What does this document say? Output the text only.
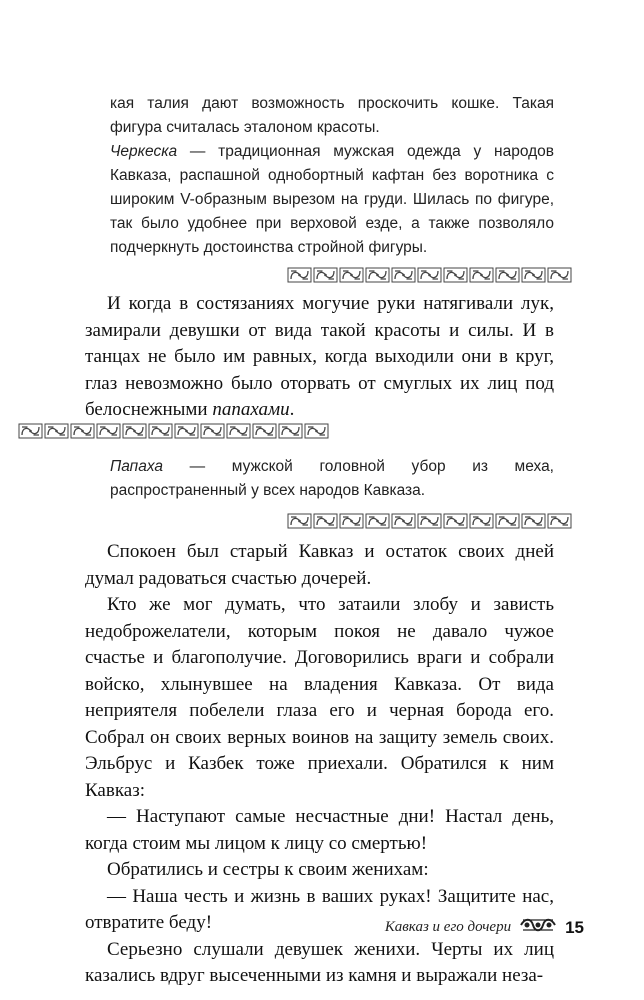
кая талия дают возможность проскочить кошке. Такая фигура считалась эталоном красоты.

Черкеска — традиционная мужская одежда у народов Кавказа, распашной однобортный кафтан без воротника с широким V-образным вырезом на груди. Шилась по фигуре, так было удобнее при верховой езде, а также позволяло подчеркнуть достоинства стройной фигуры.

И когда в состязаниях могучие руки натягивали лук, замирали девушки от вида такой красоты и силы. И в танцах не было им равных, когда выходили они в круг, глаз невозможно было оторвать от смуглых их лиц под белоснежными папахами.

Папаха — мужской головной убор из меха, распространенный у всех народов Кавказа.

Спокоен был старый Кавказ и остаток своих дней думал радоваться счастью дочерей.

Кто же мог думать, что затаили злобу и зависть недоброжелатели, которым покоя не давало чужое счастье и благополучие. Договорились враги и собрали войско, хлынувшее на владения Кавказа. От вида неприятеля побелели глаза его и черная борода его. Собрал он своих верных воинов на защиту земель своих. Эльбрус и Казбек тоже приехали. Обратился к ним Кавказ:

— Наступают самые несчастные дни! Настал день, когда стоим мы лицом к лицу со смертью!

Обратились и сестры к своим женихам:

— Наша честь и жизнь в ваших руках! Защитите нас, отвратите беду!

Серьезно слушали девушек женихи. Черты их лиц казались вдруг высеченными из камня и выражали неза-

Кавказ и его дочери	15
